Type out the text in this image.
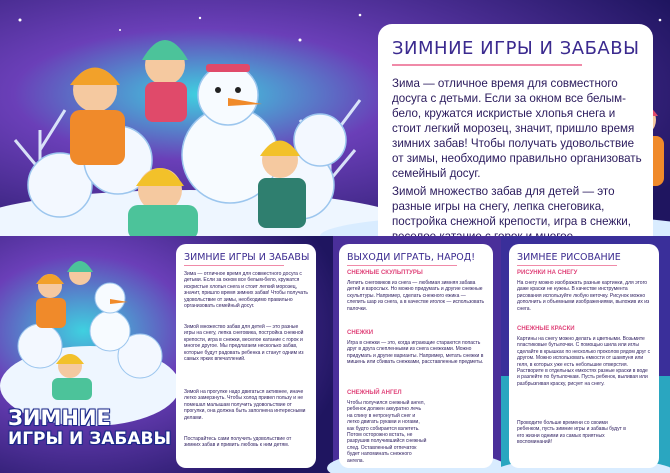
ЗИМНИЕ ИГРЫ И ЗАБАВЫ
Зима — отличное время для совместного досуга с детьми. Если за окном все белым-бело, кружатся искристые хлопья снега и стоит легкий морозец, значит, пришло время зимних забав! Чтобы получать удовольствие от зимы, необходимо правильно организовать семейный досуг.
Зимой множество забав для детей — это разные игры на снегу, лепка снеговика, постройка снежной крепости, игра в снежки,
ЗИМНИЕ
ИГРЫ И ЗАБАВЫ
ЗИМНИЕ ИГРЫ И ЗАБАВЫ
Зима — отличное время для совместного досуга с детьми. Если за окном все белым-бело, кружатся искристые хлопья снега и стоит легкий морозец, значит, пришло время зимних забав! Чтобы получать удовольствие от зимы, необходимо правильно организовать семейный досуг.
Зимой множество забав для детей — это разные игры на снегу, лепка снеговика, постройка снежной крепости, игра в снежки, веселое катание с горок и многое другое. Мы предлагаем несколько забав, которые будут радовать ребенка и станут одним из самых ярких впечатлений.
Зимой на прогулке надо двигаться активнее, иначе легко замерзнуть. Чтобы холод привел пользу и не помешал малышам получить удовольствие от прогулки, она должна быть заполнена интересными делами.
Постарайтесь сами получить удовольствие от зимних забав и привить любовь к ним детям.
ВЫХОДИ ИГРАТЬ, НАРОД!
СНЕЖНЫЕ СКУЛЬПТУРЫ
Лепить снеговиков из снега — любимая зимняя забава детей и взрослых. Но можно придумать и другие снежные скульптуры. Например, сделать снежного ежика — слепить шар из снега, а в качестве иголок — использовать палочки.
СНЕЖКИ
Игра в снежки — это, когда играющие стараются попасть друг в друга слепленными из снега снежками. Можно придумать и другие варианты. Например, метать снежки в мишень или сбивать снежками, расставленные предметы.
СНЕЖНЫЙ АНГЕЛ
Чтобы получился снежный ангел, ребенок должен аккуратно лечь на спину в нетронутый снег и легко двигать руками и ногами, как будто собирается взлететь. Потом осторожно встать, не разрушив получившийся снежный след. Оставленный отпечаток будет напоминать снежного ангела.
ЗИМНЕЕ РИСОВАНИЕ
РИСУНКИ НА СНЕГУ
На снегу можно изображать разные картинки, для этого даже краски не нужны. В качестве инструмента рисования используйте любую веточку. Рисунок можно дополнить и объемными изображениями, выложив их из снега.
СНЕЖНЫЕ КРАСКИ
Картины на снегу можно делать и цветными. Возьмите пластиковые бутылочки. С помощью шила или иглы сделайте в крышках по несколько проколов рядом друг с другом. Можно использовать емкости от шампуня или геля, в которых уже есть небольшие отверстия. Растворите в отдельных емкостях разные краски в воде и разлейте по бутылочкам. Пусть ребенок, выливая или разбрызгивая краску, рисует на снегу.
Проводите больше времени со своими ребенком, пусть зимние игры и забавы будут в его жизни одними из самых приятных воспоминаний!
